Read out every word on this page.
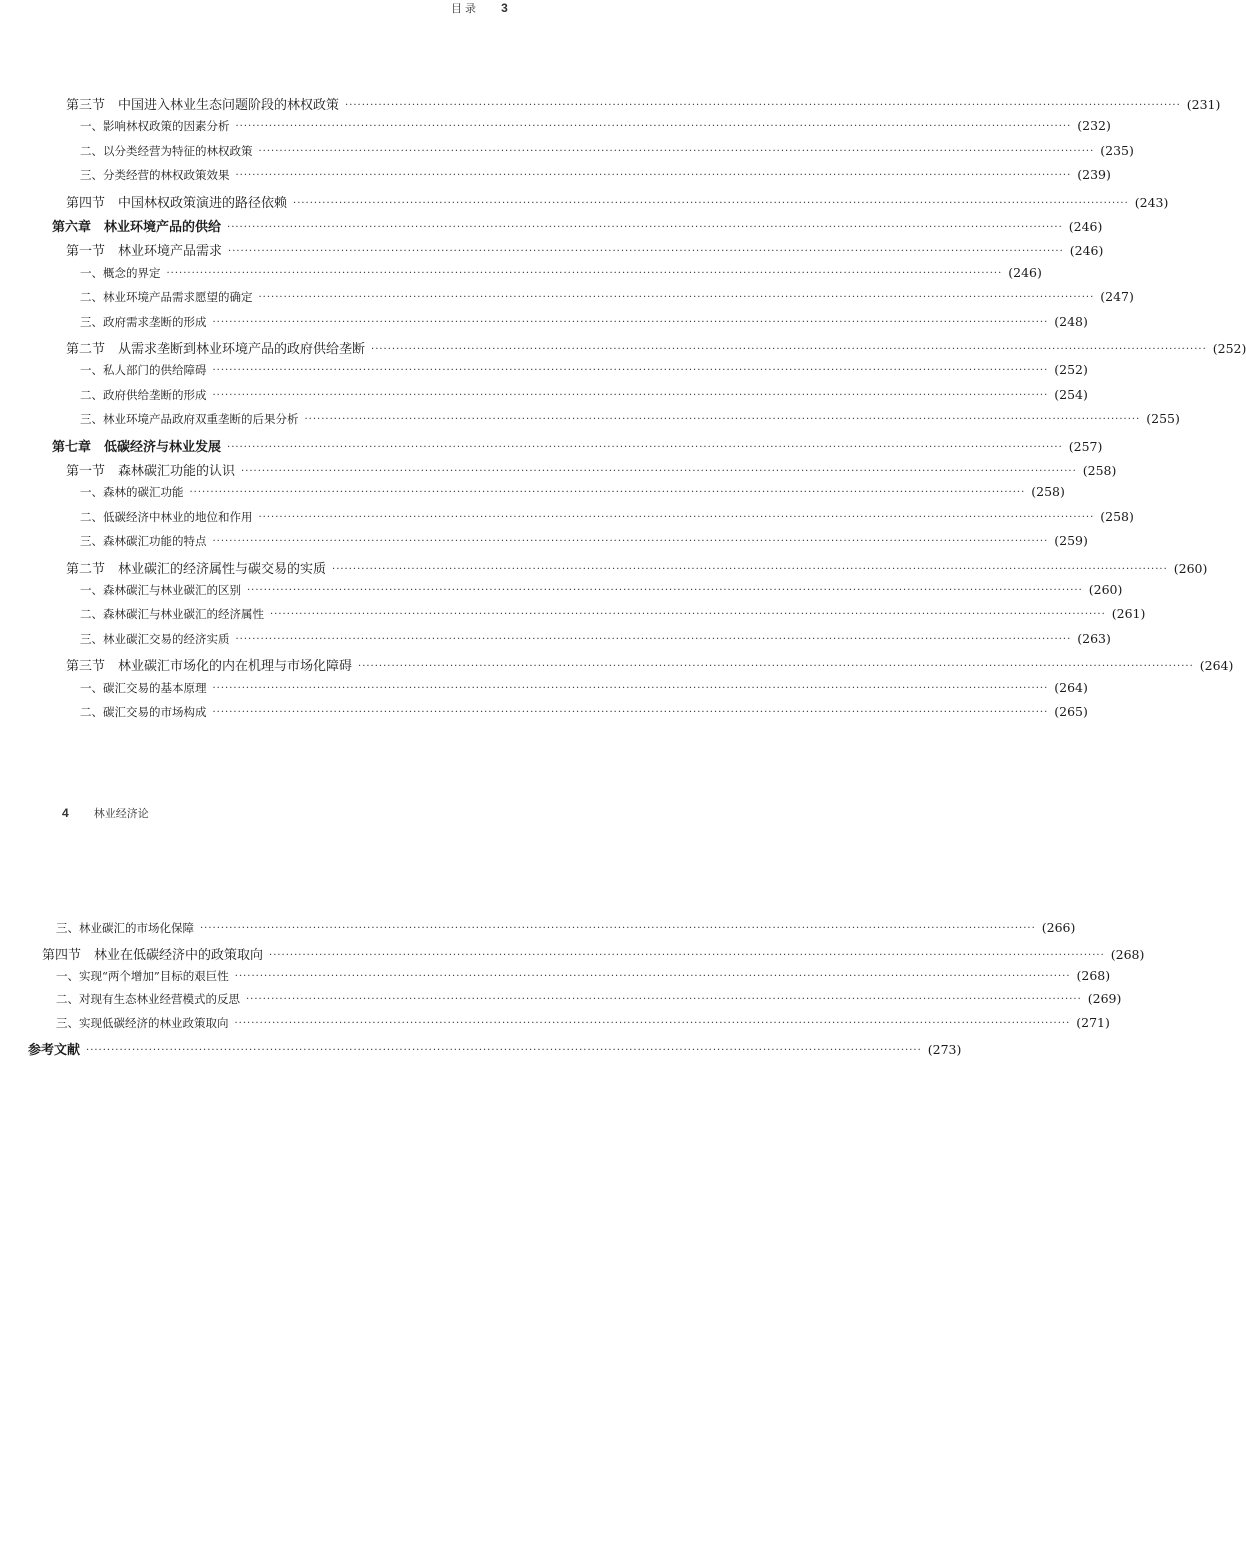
目 录 3
第三节　中国进入林业生态问题阶段的林权政策 ········································································································································································································ (231)
一、影响林权政策的因素分析 ········································································································································································································ (232)
二、以分类经营为特征的林权政策 ········································································································································································································ (235)
三、分类经营的林权政策效果 ········································································································································································································ (239)
第四节　中国林权政策演进的路径依赖 ········································································································································································································ (243)
第六章　林业环境产品的供给 ········································································································································································································ (246)
第一节　林业环境产品需求 ········································································································································································································ (246)
一、概念的界定 ········································································································································································································ (246)
二、林业环境产品需求愿望的确定 ········································································································································································································ (247)
三、政府需求垄断的形成 ········································································································································································································ (248)
第二节　从需求垄断到林业环境产品的政府供给垄断 ········································································································································································································ (252)
一、私人部门的供给障碍 ········································································································································································································ (252)
二、政府供给垄断的形成 ········································································································································································································ (254)
三、林业环境产品政府双重垄断的后果分析 ········································································································································································································ (255)
第七章　低碳经济与林业发展 ········································································································································································································ (257)
第一节　森林碳汇功能的认识 ········································································································································································································ (258)
一、森林的碳汇功能 ········································································································································································································ (258)
二、低碳经济中林业的地位和作用 ········································································································································································································ (258)
三、森林碳汇功能的特点 ········································································································································································································ (259)
第二节　林业碳汇的经济属性与碳交易的实质 ········································································································································································································ (260)
一、森林碳汇与林业碳汇的区别 ········································································································································································································ (260)
二、森林碳汇与林业碳汇的经济属性 ········································································································································································································ (261)
三、林业碳汇交易的经济实质 ········································································································································································································ (263)
第三节　林业碳汇市场化的内在机理与市场化障碍 ········································································································································································································ (264)
一、碳汇交易的基本原理 ········································································································································································································ (264)
二、碳汇交易的市场构成 ········································································································································································································ (265)
4 林业经济论
三、林业碳汇的市场化保障 ········································································································································································································ (266)
第四节　林业在低碳经济中的政策取向 ········································································································································································································ (268)
一、实现“两个增加”目标的艰巨性 ········································································································································································································ (268)
二、对现有生态林业经营模式的反思 ········································································································································································································ (269)
三、实现低碳经济的林业政策取向 ········································································································································································································ (271)
参考文献 ········································································································································································································ (273)
